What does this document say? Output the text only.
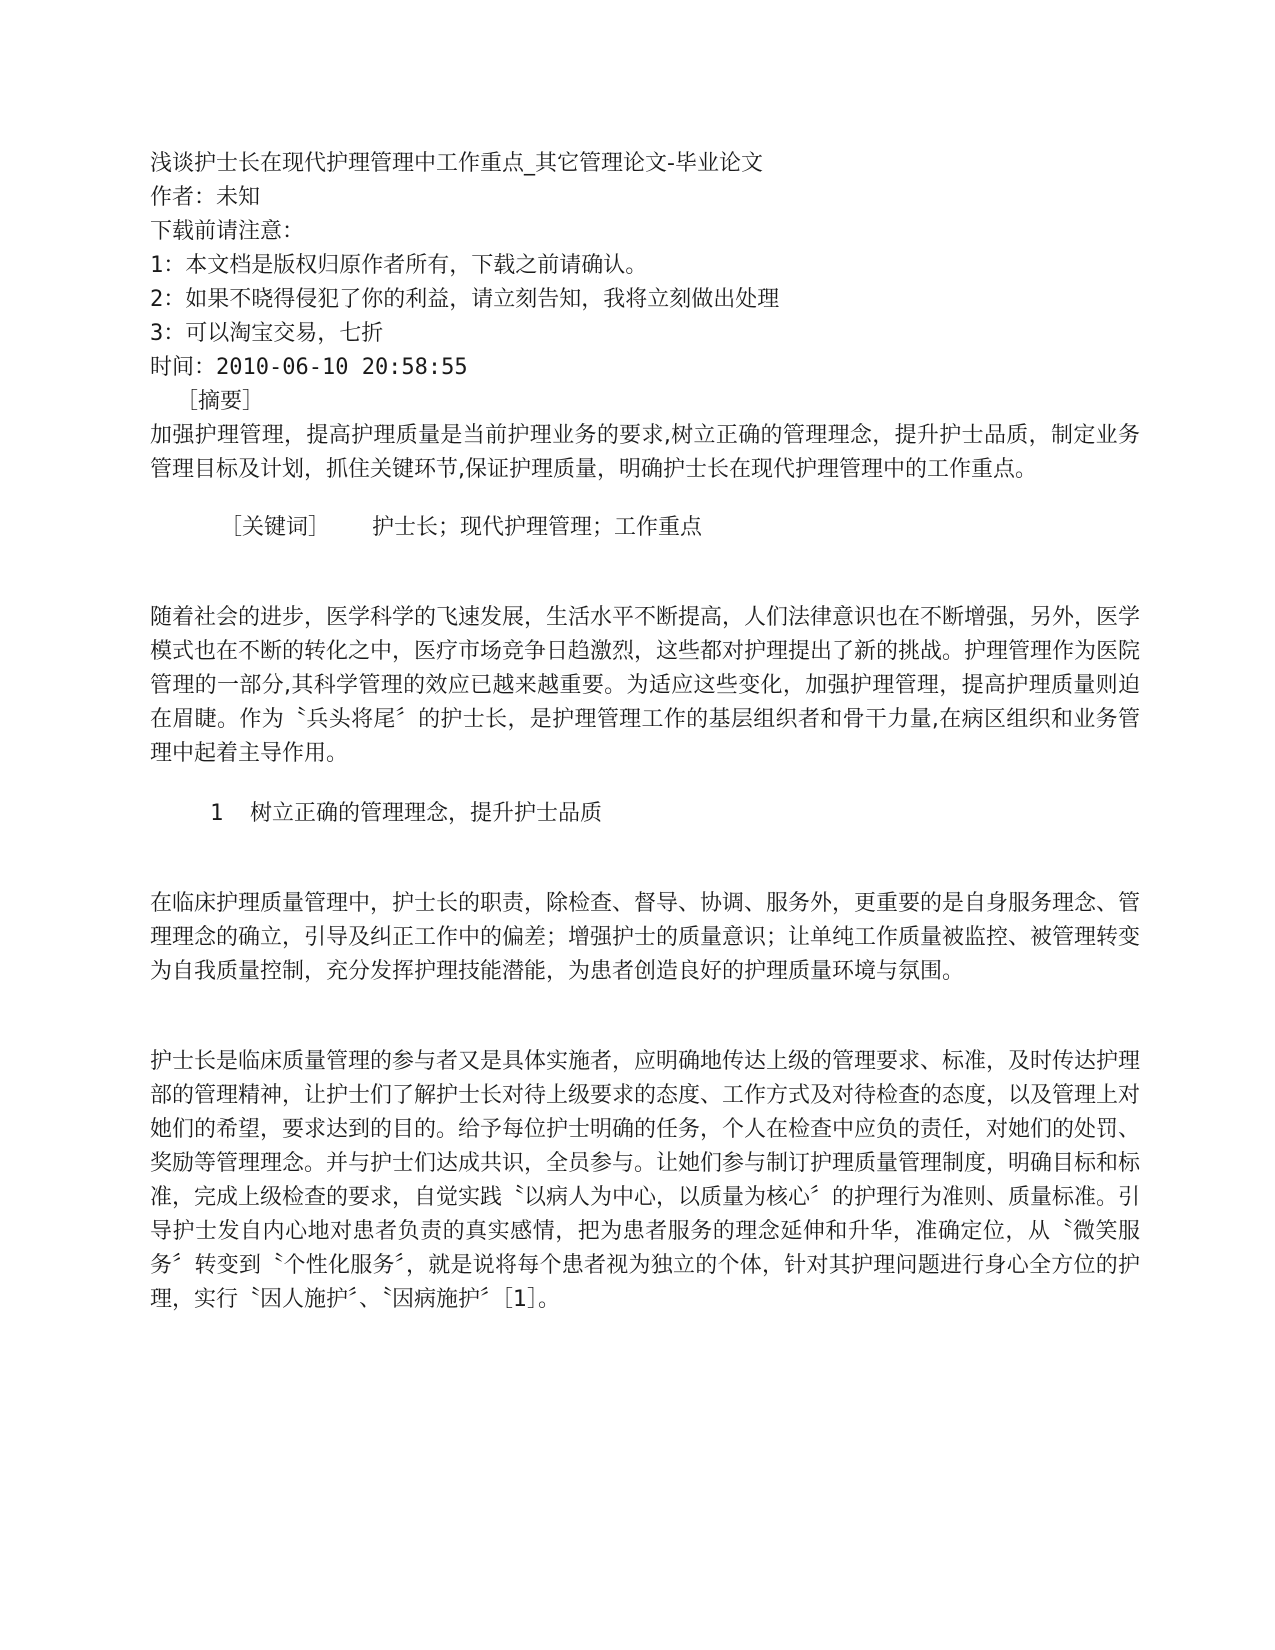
浅谈护士长在现代护理管理中工作重点_其它管理论文-毕业论文
作者：未知
下载前请注意：
1：本文档是版权归原作者所有，下载之前请确认。
2：如果不晓得侵犯了你的利益，请立刻告知，我将立刻做出处理
3：可以淘宝交易，七折
时间：2010-06-10 20:58:55
［摘要］

加强护理管理，提高护理质量是当前护理业务的要求,树立正确的管理理念，提升护士品质，制定业务管理目标及计划，抓住关键环节,保证护理质量，明确护士长在现代护理管理中的工作重点。

［关键词］ 护士长；现代护理管理；工作重点

随着社会的进步，医学科学的飞速发展，生活水平不断提高，人们法律意识也在不断增强，另外，医学模式也在不断的转化之中，医疗市场竞争日趋激烈，这些都对护理提出了新的挑战。护理管理作为医院管理的一部分,其科学管理的效应已越来越重要。为适应这些变化，加强护理管理，提高护理质量则迫在眉睫。作为〝兵头将尾〞的护士长，是护理管理工作的基层组织者和骨干力量,在病区组织和业务管理中起着主导作用。

1 树立正确的管理理念，提升护士品质

在临床护理质量管理中，护士长的职责，除检查、督导、协调、服务外，更重要的是自身服务理念、管理理念的确立，引导及纠正工作中的偏差；增强护士的质量意识；让单纯工作质量被监控、被管理转变为自我质量控制，充分发挥护理技能潜能，为患者创造良好的护理质量环境与氛围。

护士长是临床质量管理的参与者又是具体实施者，应明确地传达上级的管理要求、标准，及时传达护理部的管理精神，让护士们了解护士长对待上级要求的态度、工作方式及对待检查的态度，以及管理上对她们的希望，要求达到的目的。给予每位护士明确的任务，个人在检查中应负的责任，对她们的处罚、奖励等管理理念。并与护士们达成共识，全员参与。让她们参与制订护理质量管理制度，明确目标和标准，完成上级检查的要求，自觉实践〝以病人为中心，以质量为核心〞的护理行为准则、质量标准。引导护士发自内心地对患者负责的真实感情，把为患者服务的理念延伸和升华，准确定位，从〝微笑服务〞转变到〝个性化服务〞，就是说将每个患者视为独立的个体，针对其护理问题进行身心全方位的护理，实行〝因人施护〞、〝因病施护〞［1］。
